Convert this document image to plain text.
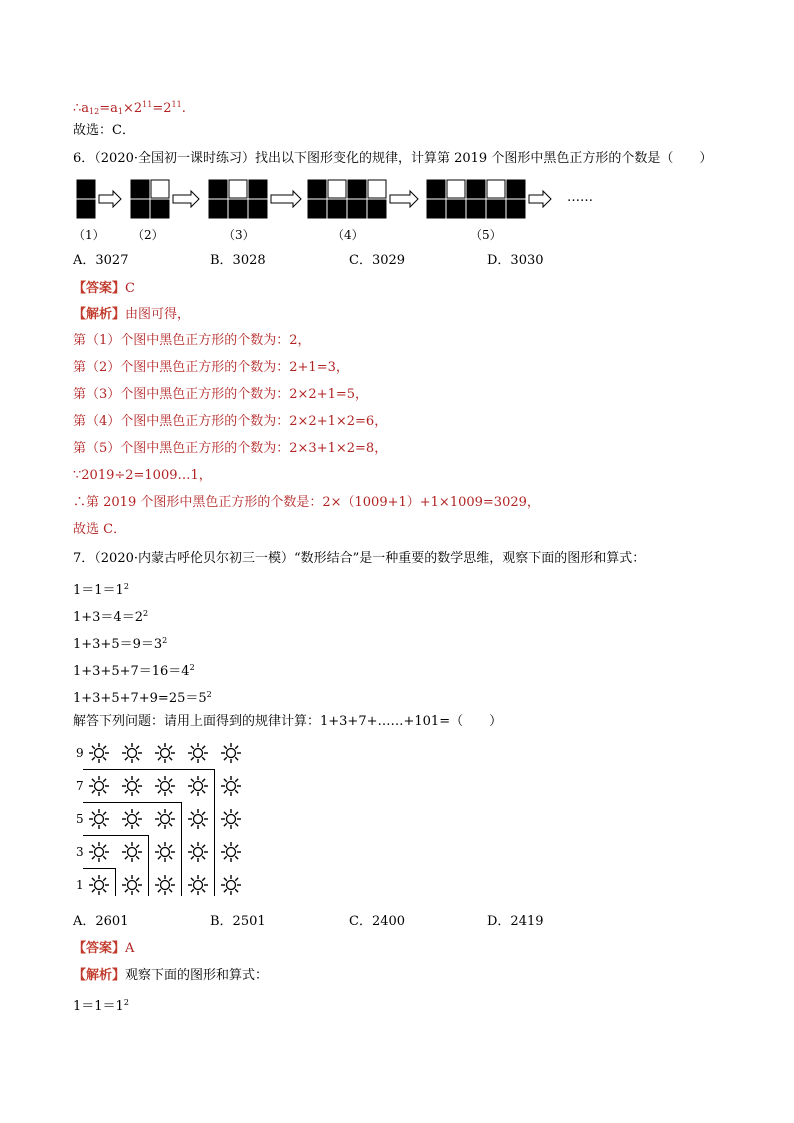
$\therefore a_{12}=a_1\times 2^{11}=2^{11}$.
故选：C．
6．（2020·全国初一课时练习）找出以下图形变化的规律，计算第 2019 个图形中黑色正方形的个数是（　　）
……
（1） （2）	（3）	（4）	（5）
A．3027	B．3028	C．3029	D．3030
【答案】C
【解析】由图可得，
第（1）个图中黑色正方形的个数为：2，
第（2）个图中黑色正方形的个数为：2+1=3，
第（3）个图中黑色正方形的个数为：2×2+1=5，
第（4）个图中黑色正方形的个数为：2×2+1×2=6，
第（5）个图中黑色正方形的个数为：2×3+1×2=8，
∵2019÷2=1009…1，
∴第 2019 个图形中黑色正方形的个数是：2×（1009+1）+1×1009=3029，
故选 C．
7．（2020·内蒙古呼伦贝尔初三一模）“数形结合”是一种重要的数学思维，观察下面的图形和算式：
$1=1=1^2$
$1+3=4=2^2$
$1+3+5=9=3^2$
$1+3+5+7=16=4^2$
$1+3+5+7+9=25=5^2$
解答下列问题：请用上面得到的规律计算：1+3+7+……+101=（　　）
9
7
5
3
1
A．2601	B．2501	C．2400	D．2419
【答案】A
【解析】观察下面的图形和算式：
$1=1=1^2$
